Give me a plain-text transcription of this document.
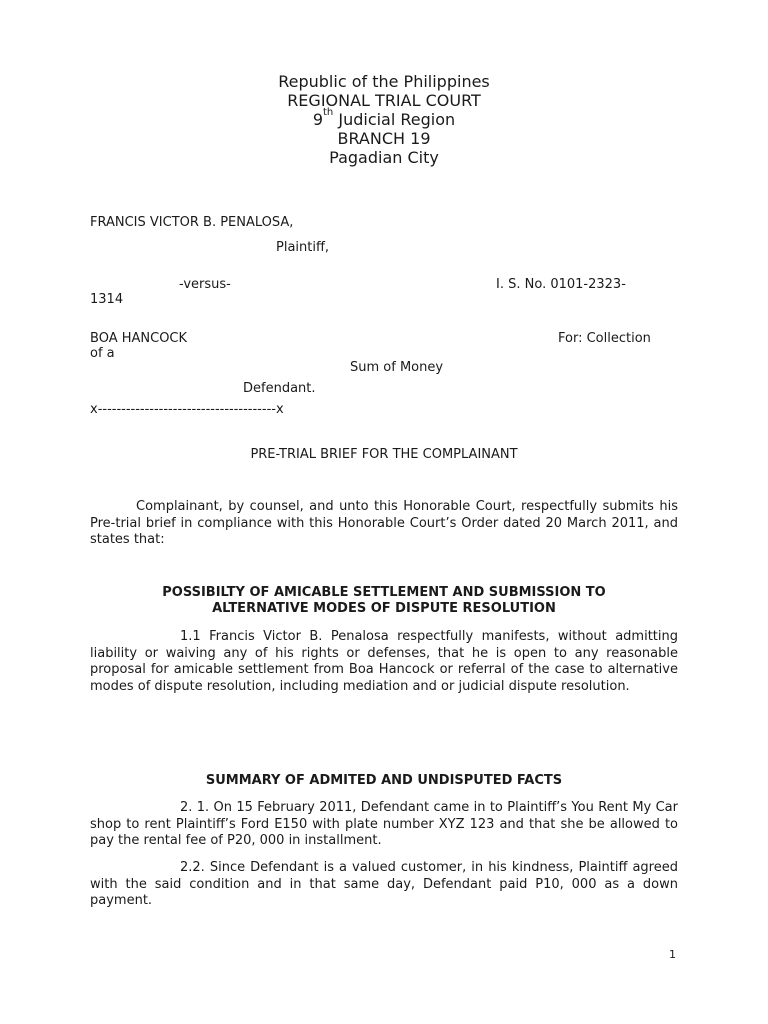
Republic of the Philippines
REGIONAL TRIAL COURT
9th Judicial Region
BRANCH 19
Pagadian City
FRANCIS VICTOR B. PENALOSA,
Plaintiff,
-versus-	I. S. No. 0101-2323-
1314
BOA HANCOCK	For: Collection
of a
Sum of Money
Defendant.
x--------------------------------------x
PRE-TRIAL BRIEF FOR THE COMPLAINANT
Complainant, by counsel, and unto this Honorable Court, respectfully submits his Pre-trial brief in compliance with this Honorable Court’s Order dated 20 March 2011, and states that:
POSSIBILTY OF AMICABLE SETTLEMENT AND SUBMISSION TO
ALTERNATIVE MODES OF DISPUTE RESOLUTION
1.1 Francis Victor B. Penalosa respectfully manifests, without admitting liability or waiving any of his rights or defenses, that he is open to any reasonable proposal for amicable settlement from Boa Hancock or referral of the case to alternative modes of dispute resolution, including mediation and or judicial dispute resolution.
SUMMARY OF ADMITED AND UNDISPUTED FACTS
2. 1. On 15 February 2011, Defendant came in to Plaintiff’s You Rent My Car shop to rent Plaintiff’s Ford E150 with plate number XYZ 123 and that she be allowed to pay the rental fee of P20, 000 in installment.
2.2. Since Defendant is a valued customer, in his kindness, Plaintiff agreed with the said condition and in that same day, Defendant paid P10, 000 as a down payment.
1
